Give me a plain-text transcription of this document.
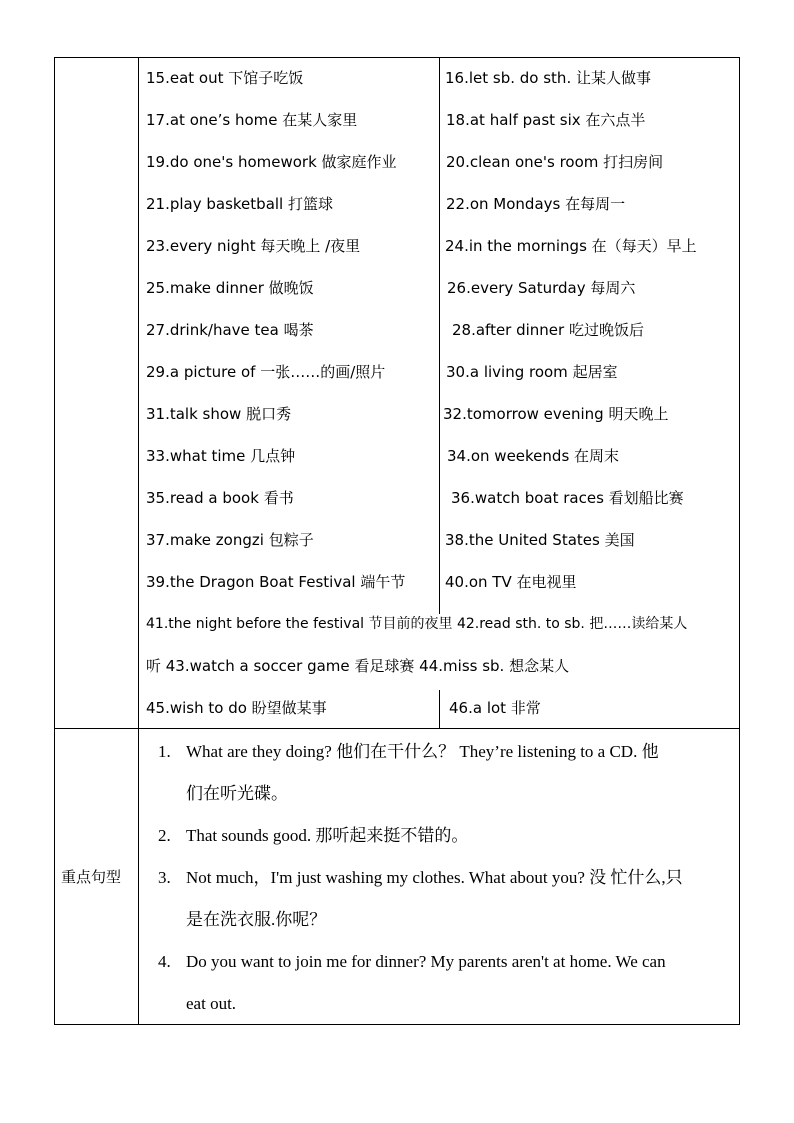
15.eat out 下馆子吃饭
17.at one’s home 在某人家里
19.do one's homework 做家庭作业
21.play basketball 打篮球
23.every night 每天晚上 /夜里
25.make dinner 做晚饭
27.drink/have tea 喝茶
29.a picture of 一张……的画/照片
31.talk show 脱口秀
33.what time 几点钟
35.read a book 看书
37.make zongzi 包粽子
39.the Dragon Boat Festival 端午节
45.wish to do 盼望做某事
16.let sb. do sth. 让某人做事
18.at half past six 在六点半
20.clean one's room 打扫房间
22.on Mondays 在每周一
24.in the mornings 在（每天）早上
26.every Saturday 每周六
28.after dinner 吃过晚饭后
30.a living room 起居室
32.tomorrow evening 明天晚上
34.on weekends 在周末
36.watch boat races 看划船比赛
38.the United States 美国
40.on TV 在电视里
46.a lot 非常
41.the night before the festival 节目前的夜里 42.read sth. to sb. 把……读给某人
听 43.watch a soccer game 看足球赛 44.miss sb. 想念某人
重点句型
1. What are they doing? 他们在干什么？ They’re listening to a CD. 他
们在听光碟。
2. That sounds good. 那听起来挺不错的。
3. Not much，I'm just washing my clothes. What about you? 没 忙什么,只
是在洗衣服.你呢？
4. Do you want to join me for dinner? My parents aren't at home. We can
eat out.
